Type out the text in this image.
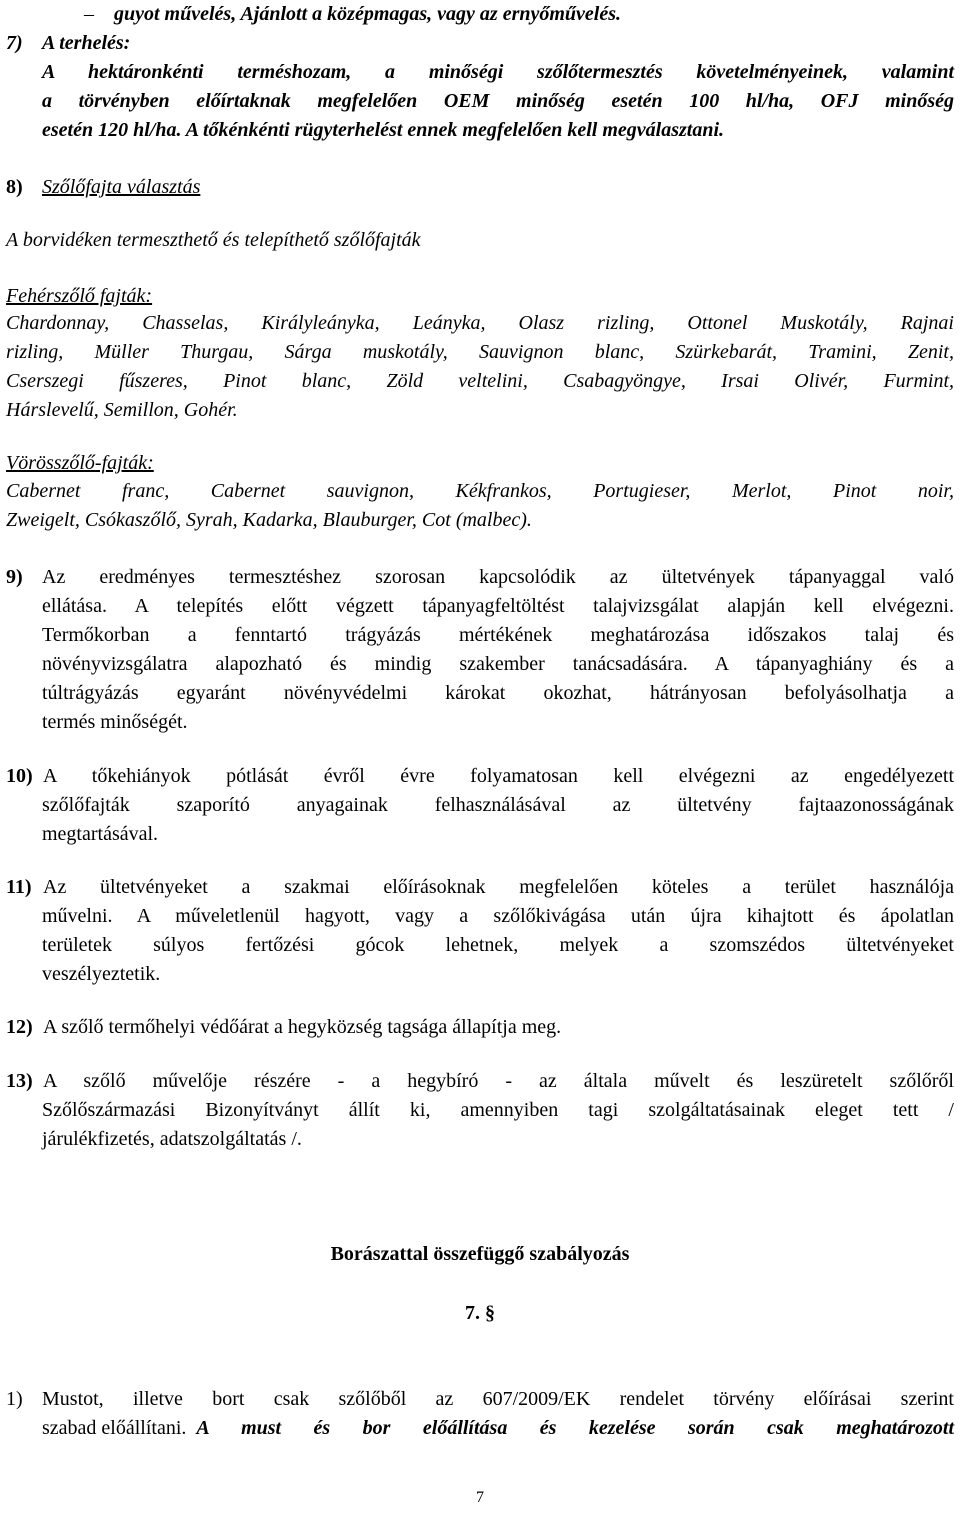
– guyot művelés, Ajánlott a középmagas, vagy az ernyőművelés.
7) A terhelés:
A hektáronkénti terméshozam, a minőségi szőlőtermesztés követelményeinek, valamint
a törvényben előírtaknak megfelelően OEM minőség esetén 100 hl/ha, OFJ minőség
esetén 120 hl/ha. A tőkénkénti rügyterhelést ennek megfelelően kell megválasztani.
8) Szőlőfajta választás
A borvidéken termeszthető és telepíthető szőlőfajták
Fehérszőlő fajták:
Chardonnay, Chasselas, Királyleányka, Leányka, Olasz rizling, Ottonel Muskotály, Rajnai
rizling, Müller Thurgau, Sárga muskotály, Sauvignon blanc, Szürkebarát, Tramini, Zenit,
Cserszegi fűszeres, Pinot blanc, Zöld veltelini, Csabagyöngye, Irsai Olivér, Furmint,
Hárslevelű, Semillon, Gohér.
Vörösszőlő-fajták:
Cabernet franc, Cabernet sauvignon, Kékfrankos, Portugieser, Merlot, Pinot noir,
Zweigelt, Csókaszőlő, Syrah, Kadarka, Blauburger, Cot (malbec).
9) Az eredményes termesztéshez szorosan kapcsolódik az ültetvények tápanyaggal való
ellátása. A telepítés előtt végzett tápanyagfeltöltést talajvizsgálat alapján kell elvégezni.
Termőkorban a fenntartó trágyázás mértékének meghatározása időszakos talaj és
növényvizsgálatra alapozható és mindig szakember tanácsadására. A tápanyaghiány és a
túltrágyázás egyaránt növényvédelmi károkat okozhat, hátrányosan befolyásolhatja a
termés minőségét.
10) A tőkehiányok pótlását évről évre folyamatosan kell elvégezni az engedélyezett
szőlőfajták szaporító anyagainak felhasználásával az ültetvény fajtaazonosságának
megtartásával.
11) Az ültetvényeket a szakmai előírásoknak megfelelően köteles a terület használója
művelni. A műveletlenül hagyott, vagy a szőlőkivágása után újra kihajtott és ápolatlan
területek súlyos fertőzési gócok lehetnek, melyek a szomszédos ültetvényeket
veszélyeztetik.
12) A szőlő termőhelyi védőárat a hegyközség tagsága állapítja meg.
13) A szőlő művelője részére - a hegybíró - az általa művelt és leszüretelt szőlőről
Szőlőszármazási Bizonyítványt állít ki, amennyiben tagi szolgáltatásainak eleget tett /
járulékfizetés, adatszolgáltatás /.
Borászattal összefüggő szabályozás
7. §
1) Mustot, illetve bort csak szőlőből az 607/2009/EK rendelet törvény előírásai szerint
szabad előállítani. A must és bor előállítása és kezelése során csak meghatározott
7
